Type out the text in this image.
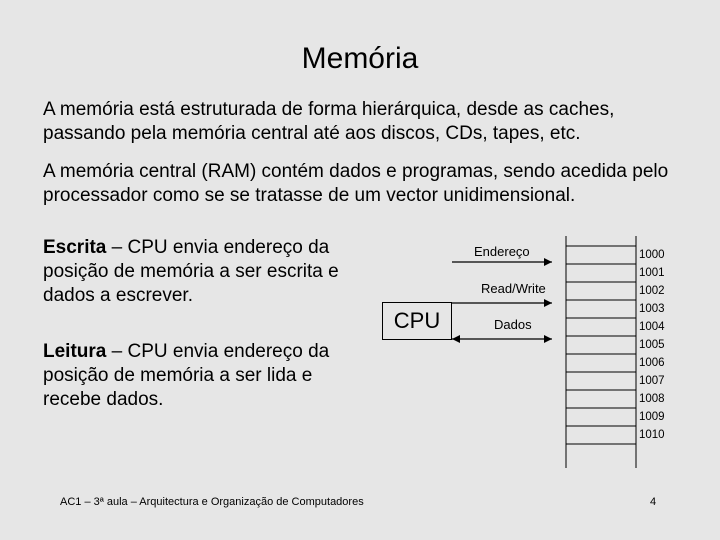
Memória
A memória está estruturada de forma hierárquica, desde as caches, passando pela memória central até aos discos, CDs, tapes, etc.
A memória central (RAM) contém dados e programas, sendo acedida pelo processador como se se tratasse de um vector unidimensional.
Escrita – CPU envia endereço da posição de memória a ser escrita e dados a escrever.
Leitura – CPU envia endereço da posição de memória a ser lida e recebe dados.
CPU
Endereço
Read/Write
Dados
1000
1001
1002
1003
1004
1005
1006
1007
1008
1009
1010
AC1 – 3ª aula – Arquitectura e Organização de Computadores	4
